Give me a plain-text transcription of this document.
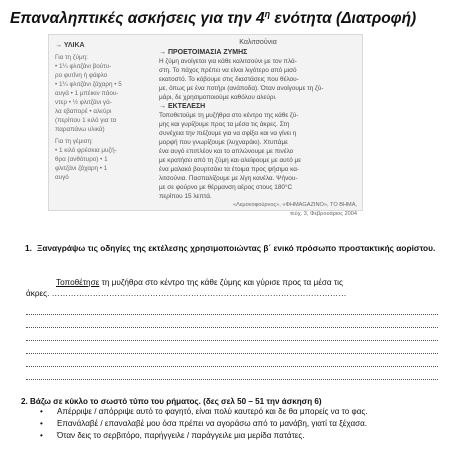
Επαναληπτικές ασκήσεις για την $4^\eta$ ενότητα (Διατροφή)
→ ΥΛΙΚΑ
Για τη ζύμη:
• 1¼ φλιτζάνι βούτυ-
ρο φυτίνη ή φάφλο
• 1¼ φλιτζάνι ζάχαρη • 5
αυγά • 1 μπέικιν πάου-
ντερ • ½ φλιτζάνι γά-
λα εβαπορέ • αλεύρι
(περίπου 1 κιλό για τα
παραπάνω υλικά)
Για τη γέμιση:
• 1 κιλό φρέσκια μυζή-
θρα (ανθότυρο) • 1
φλιτζάνι ζάχαρη • 1
αυγό
Καλιτσούνια
→ ΠΡΟΕΤΟΙΜΑΣΙΑ ΖΥΜΗΣ
Η ζύμη ανοίγεται για κάθε καλιτσούνι με τον πλά-
στη. Το πάχος πρέπει να είναι λιγότερο από μισό
εκατοστό. Το κόβουμε στις διαστάσεις που θέλου-
με, όπως με ένα ποτήρι (ανάποδα). Όταν ανοίγουμε τη ζύ-
μάρι, δε χρησιμοποιούμε καθόλου αλεύρι.
→ ΕΚΤΕΛΕΣΗ
Τοποθετούμε τη μυζήθρα στο κέντρο της κάθε ζύ-
μης και γυρίζουμε προς τα μέσα τις άκρες. Στη
συνέχεια την πιέζουμε για να σφίξει και να γίνει η
μορφή που γνωρίζουμε (λυχναράκι). Χτυπάμε
ένα αυγό επιπλέον και το απλώνουμε με πινέλο
με κρατήσει από τη ζύμη και αλείφουμε με αυτό με
ένα μαλακό βουρτσάκι τα έτοιμα προς ψήσιμο κα-
λιτσούνια. Πασπαλίζουμε με λίγη κανέλα. Ψήνου-
με σε φούρνο με θέρμανση αέρος στους 180°C
περίπου 15 λεπτά.
«Λεμονοφούρνος», «ΦΗΜAGAZINO», ΤΟ ΒΗΜΑ,
τεύχ. 3, Φεβρουάριος 2004
1. Ξαναγράψω τις οδηγίες της εκτέλεσης χρησιμοποιώντας β΄ ενικό πρόσωπο προστακτικής αορίστου.
Τοποθέτησε τη μυζήθρα στο κέντρο της κάθε ζύμης και γύρισε προς τα μέσα τις
άκρες. ………………………………………………………………………………………………
2. Βάζω σε κύκλο το σωστό τύπο του ρήματος. (δες σελ 50 – 51 την άσκηση 6)
• Απέρριψε / απόρριψε αυτό το φαγητό, είναι πολύ καυτερό και δε θα μπορείς να το φας.
• Επανάλαβέ / επαναλαβέ μου όσα πρέπει να αγοράσω από το μανάβη, γιατί τα ξέχασα.
• Όταν δεις το σερβιτόρο, παρήγγειλε / παράγγειλε μια μερίδα πατάτες.
